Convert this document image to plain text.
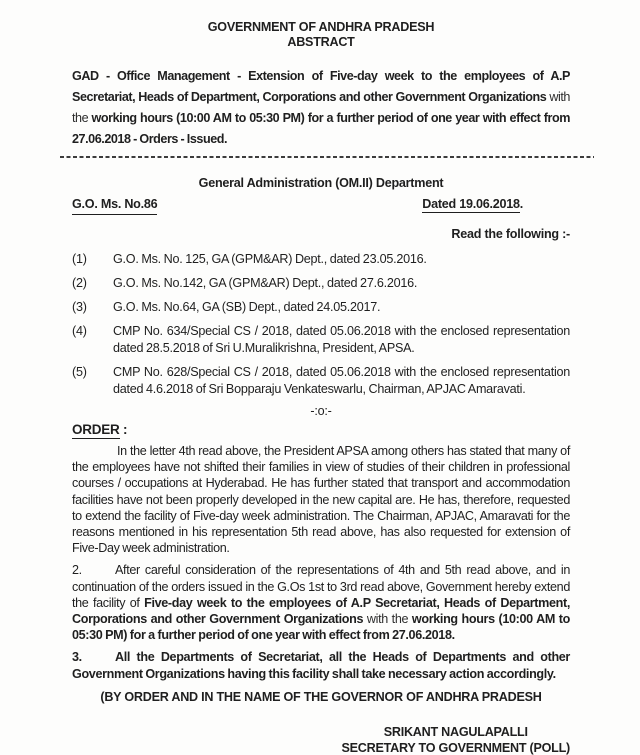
GOVERNMENT OF ANDHRA PRADESH
ABSTRACT

GAD - Office Management - Extension of Five-day week to the employees of A.P Secretariat, Heads of Department, Corporations and other Government Organizations with the working hours (10:00 AM to 05:30 PM) for a further period of one year with effect from 27.06.2018 - Orders - Issued.

General Administration (OM.II) Department
G.O. Ms. No.86	Dated 19.06.2018.
Read the following :-
(1)	G.O. Ms. No. 125, GA (GPM&AR) Dept., dated 23.05.2016.
(2)	G.O. Ms. No.142, GA (GPM&AR) Dept., dated 27.6.2016.
(3)	G.O. Ms. No.64, GA (SB) Dept., dated 24.05.2017.
(4)	CMP No. 634/Special CS / 2018, dated 05.06.2018 with the enclosed representation dated 28.5.2018 of Sri U.Muralikrishna, President, APSA.
(5)	CMP No. 628/Special CS / 2018, dated 05.06.2018 with the enclosed representation dated 4.6.2018 of Sri Bopparaju Venkateswarlu, Chairman, APJAC Amaravati.
-:o:-
ORDER :

In the letter 4th read above, the President APSA among others has stated that many of the employees have not shifted their families in view of studies of their children in professional courses / occupations at Hyderabad. He has further stated that transport and accommodation facilities have not been properly developed in the new capital are. He has, therefore, requested to extend the facility of Five-day week administration. The Chairman, APJAC, Amaravati for the reasons mentioned in his representation 5th read above, has also requested for extension of Five-Day week administration.

2.	After careful consideration of the representations of 4th and 5th read above, and in continuation of the orders issued in the G.Os 1st to 3rd read above, Government hereby extend the facility of Five-day week to the employees of A.P Secretariat, Heads of Department, Corporations and other Government Organizations with the working hours (10:00 AM to 05:30 PM) for a further period of one year with effect from 27.06.2018.

3.	All the Departments of Secretariat, all the Heads of Departments and other Government Organizations having this facility shall take necessary action accordingly.

(BY ORDER AND IN THE NAME OF THE GOVERNOR OF ANDHRA PRADESH
SRIKANT NAGULAPALLI
SECRETARY TO GOVERNMENT (POLL)
